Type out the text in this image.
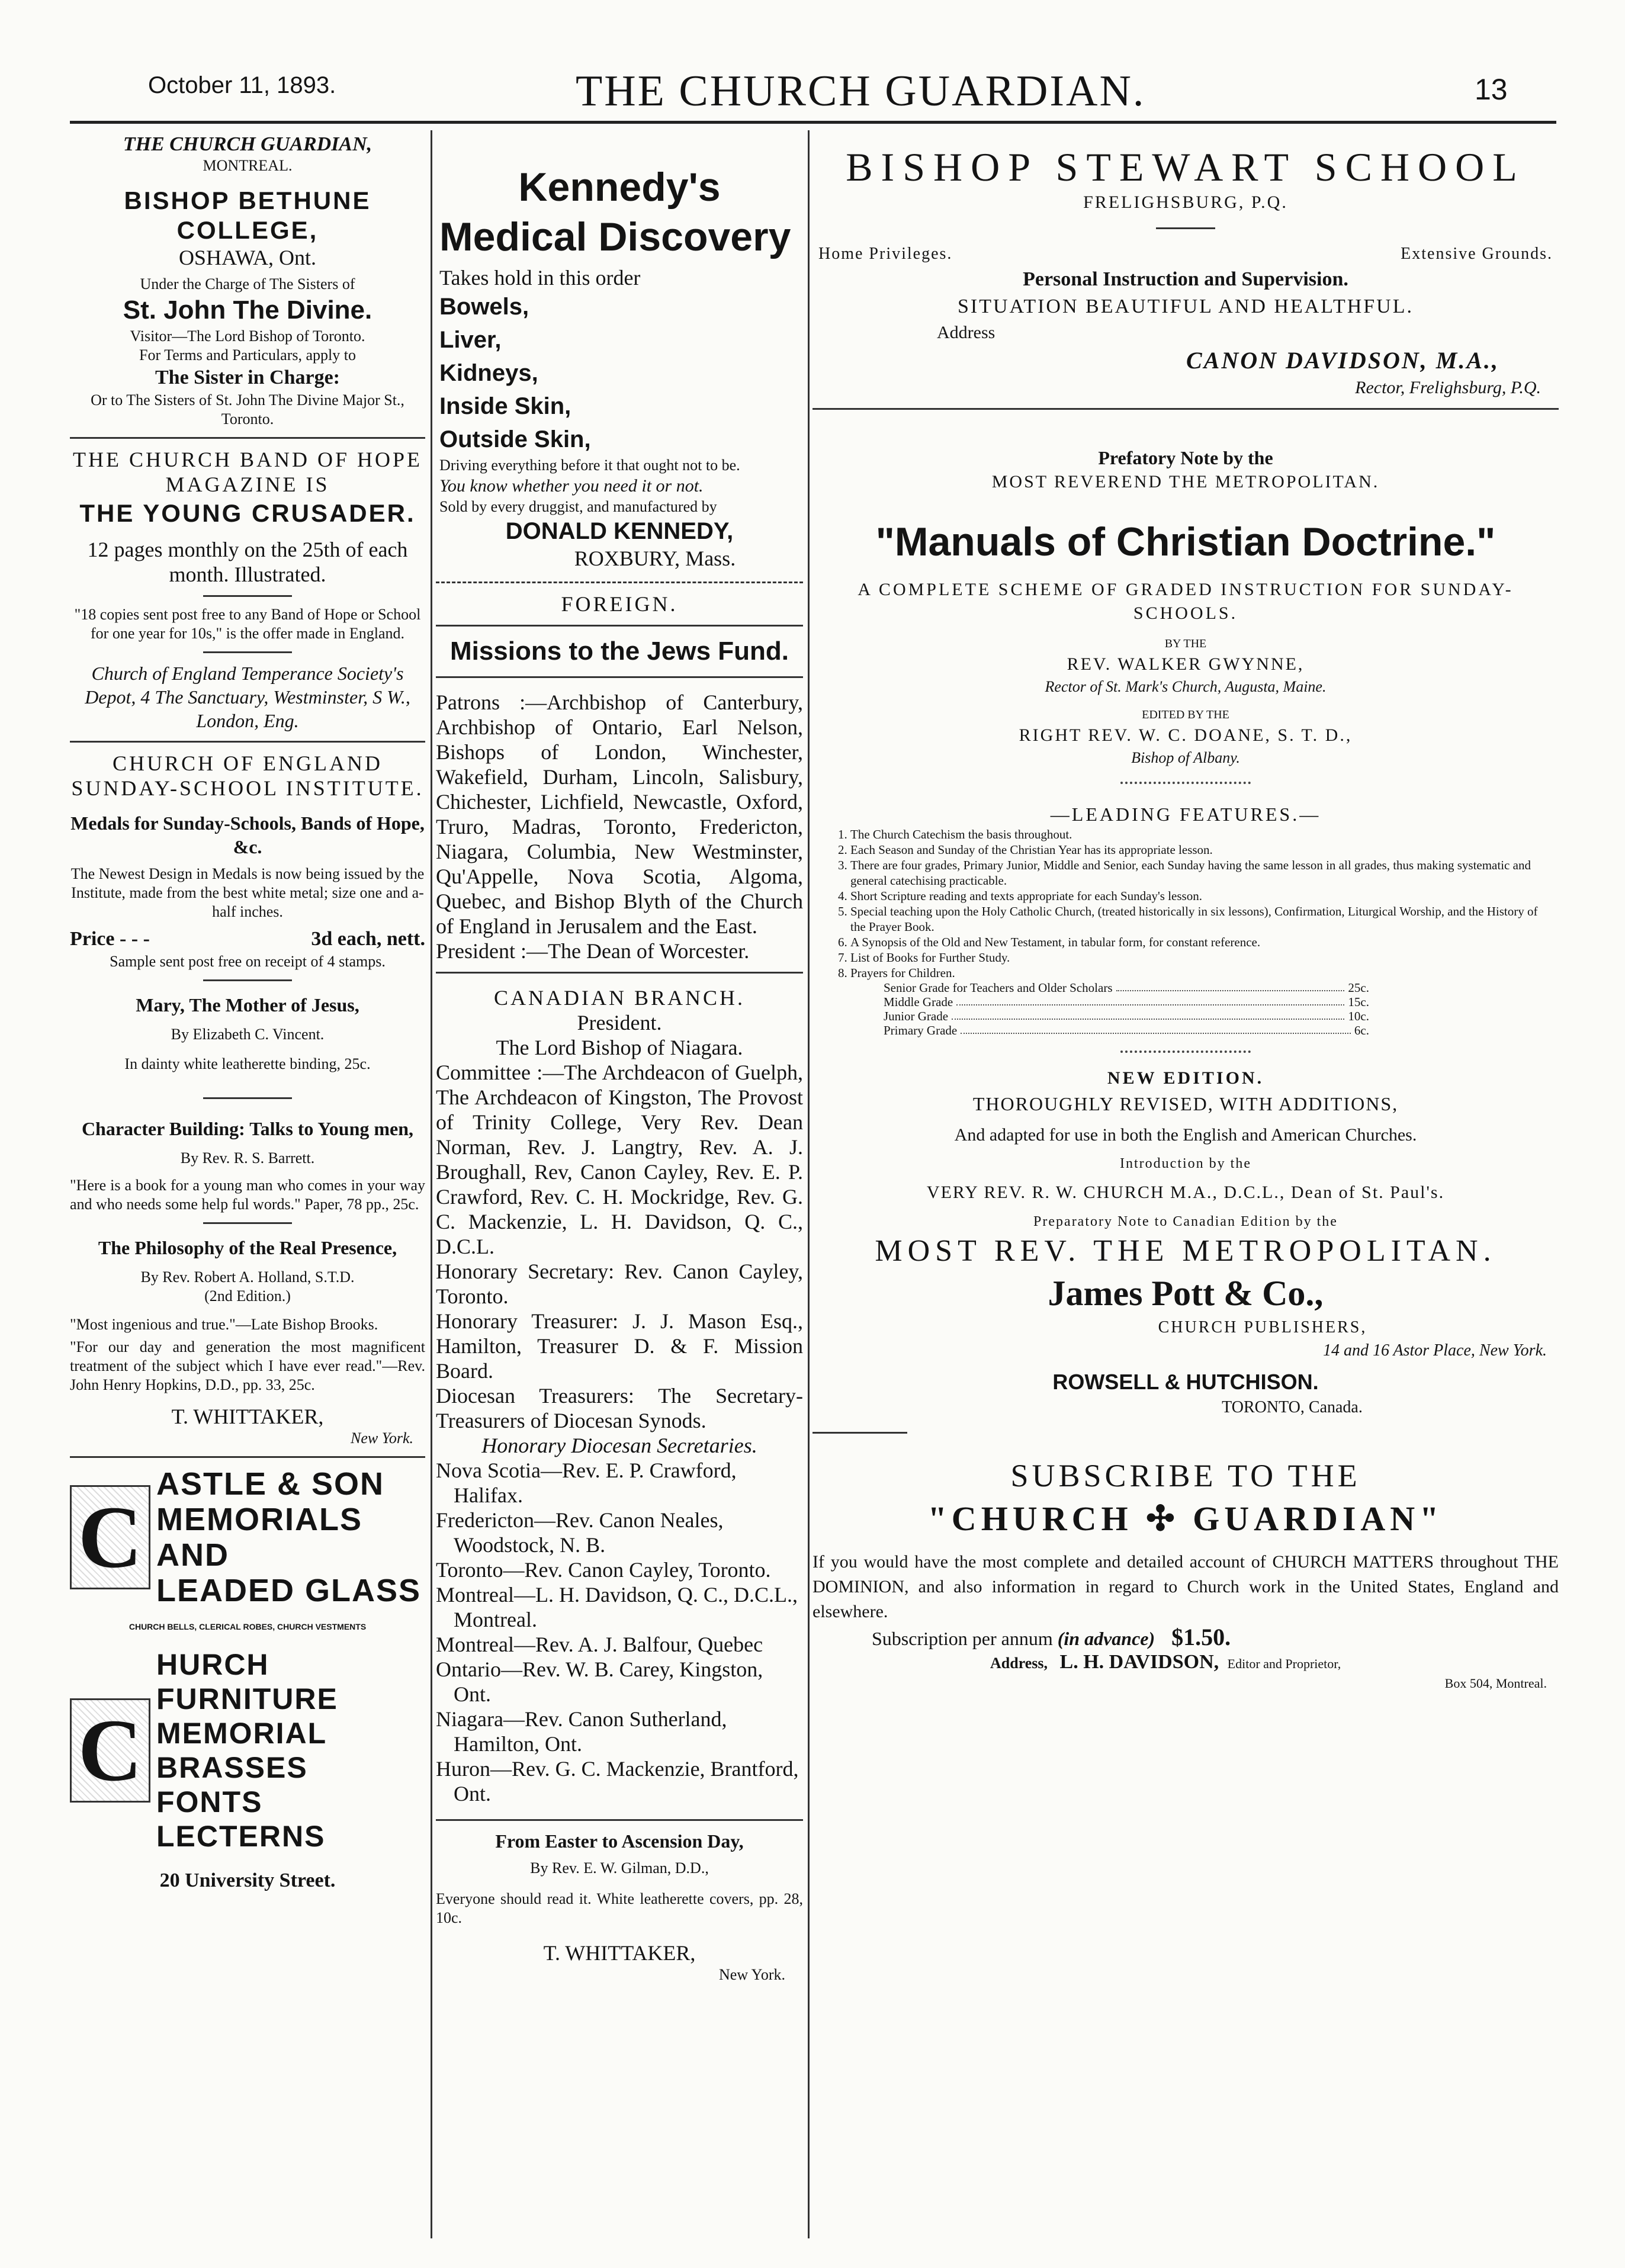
October 11, 1893.	THE CHURCH GUARDIAN.	13
THE CHURCH GUARDIAN,
MONTREAL.
BISHOP BETHUNE COLLEGE,
OSHAWA, Ont.
Under the Charge of The Sisters of
St. John The Divine.
Visitor—The Lord Bishop of Toronto.
For Terms and Particulars, apply to
The Sister in Charge:
Or to The Sisters of St. John The Divine Major St., Toronto.
THE CHURCH BAND OF HOPE
MAGAZINE IS
THE YOUNG CRUSADER.
12 pages monthly on the 25th of each month. Illustrated.
"18 copies sent post free to any Band of Hope or School for one year for 10s," is the offer made in England.
Church of England Temperance Society's Depot, 4 The Sanctuary, Westminster, S W., London, Eng.
CHURCH OF ENGLAND SUNDAY-SCHOOL INSTITUTE.
Medals for Sunday-Schools, Bands of Hope, &c.
The Newest Design in Medals is now being issued by the Institute, made from the best white metal; size one and a-half inches.
Price - - -	3d each, nett.
Sample sent post free on receipt of 4 stamps.
Mary, The Mother of Jesus,
By Elizabeth C. Vincent.
In dainty white leatherette binding, 25c.
Character Building: Talks to Young men,
By Rev. R. S. Barrett.
"Here is a book for a young man who comes in your way and who needs some help ful words." Paper, 78 pp., 25c.
The Philosophy of the Real Presence,
By Rev. Robert A. Holland, S.T.D.
(2nd Edition.)
"Most ingenious and true."—Late Bishop Brooks.
"For our day and generation the most magnificent treatment of the subject which I have ever read."—Rev. John Henry Hopkins, D.D., pp. 33, 25c.
T. WHITTAKER,
New York.
C
ASTLE & SON
MEMORIALS AND
LEADED GLASS
CHURCH BELLS, CLERICAL ROBES, CHURCH VESTMENTS
C
HURCH FURNITURE
MEMORIAL BRASSES
FONTS LECTERNS
20 University Street.
Kennedy's
Medical Discovery
Takes hold in this order
Bowels,
Liver,
Kidneys,
Inside Skin,
Outside Skin,
Driving everything before it that ought not to be.
You know whether you need it or not.
Sold by every druggist, and manufactured by
DONALD KENNEDY,
ROXBURY, Mass.
FOREIGN.
Missions to the Jews Fund.
Patrons :—Archbishop of Canterbury, Archbishop of Ontario, Earl Nelson, Bishops of London, Winchester, Wakefield, Durham, Lincoln, Salisbury, Chichester, Lichfield, Newcastle, Oxford, Truro, Madras, Toronto, Fredericton, Niagara, Columbia, New Westminster, Qu'Appelle, Nova Scotia, Algoma, Quebec, and Bishop Blyth of the Church of England in Jerusalem and the East.
President :—The Dean of Worcester.
CANADIAN BRANCH.
President.
The Lord Bishop of Niagara.
Committee :—The Archdeacon of Guelph, The Archdeacon of Kingston, The Provost of Trinity College, Very Rev. Dean Norman, Rev. J. Langtry, Rev. A. J. Broughall, Rev, Canon Cayley, Rev. E. P. Crawford, Rev. C. H. Mockridge, Rev. G. C. Mackenzie, L. H. Davidson, Q. C., D.C.L.
Honorary Secretary: Rev. Canon Cayley, Toronto.
Honorary Treasurer: J. J. Mason Esq., Hamilton, Treasurer D. & F. Mission Board.
Diocesan Treasurers: The Secretary-Treasurers of Diocesan Synods.
Honorary Diocesan Secretaries.
Nova Scotia—Rev. E. P. Crawford, Halifax.
Fredericton—Rev. Canon Neales, Woodstock, N. B.
Toronto—Rev. Canon Cayley, Toronto.
Montreal—L. H. Davidson, Q. C., D.C.L., Montreal.
Montreal—Rev. A. J. Balfour, Quebec
Ontario—Rev. W. B. Carey, Kingston, Ont.
Niagara—Rev. Canon Sutherland, Hamilton, Ont.
Huron—Rev. G. C. Mackenzie, Brantford, Ont.
From Easter to Ascension Day,
By Rev. E. W. Gilman, D.D.,
Everyone should read it. White leatherette covers, pp. 28, 10c.
T. WHITTAKER,
New York.
BISHOP STEWART SCHOOL
FRELIGHSBURG, P.Q.
Home Privileges.	Extensive Grounds.
Personal Instruction and Supervision.
SITUATION BEAUTIFUL AND HEALTHFUL.
Address
CANON DAVIDSON, M.A.,
Rector, Frelighsburg, P.Q.
Prefatory Note by the
MOST REVEREND THE METROPOLITAN.
"Manuals of Christian Doctrine."
A COMPLETE SCHEME OF GRADED INSTRUCTION FOR SUNDAY-SCHOOLS.
BY THE
REV. WALKER GWYNNE,
Rector of St. Mark's Church, Augusta, Maine.
EDITED BY THE
RIGHT REV. W. C. DOANE, S. T. D.,
Bishop of Albany.
—LEADING FEATURES.—
1. The Church Catechism the basis throughout.
2. Each Season and Sunday of the Christian Year has its appropriate lesson.
3. There are four grades, Primary Junior, Middle and Senior, each Sunday having the same lesson in all grades, thus making systematic and general catechising practicable.
4. Short Scripture reading and texts appropriate for each Sunday's lesson.
5. Special teaching upon the Holy Catholic Church, (treated historically in six lessons), Confirmation, Liturgical Worship, and the History of the Prayer Book.
6. A Synopsis of the Old and New Testament, in tabular form, for constant reference.
7. List of Books for Further Study.
8. Prayers for Children.
Senior Grade for Teachers and Older Scholars	25c.
Middle Grade	15c.
Junior Grade	10c.
Primary Grade	6c.
NEW EDITION.
THOROUGHLY REVISED, WITH ADDITIONS,
And adapted for use in both the English and American Churches.
Introduction by the
VERY REV. R. W. CHURCH M.A., D.C.L., Dean of St. Paul's.
Preparatory Note to Canadian Edition by the
MOST REV. THE METROPOLITAN.
James Pott & Co.,
CHURCH PUBLISHERS,
14 and 16 Astor Place, New York.
ROWSELL & HUTCHISON.
TORONTO, Canada.
SUBSCRIBE TO THE
"CHURCH ✣ GUARDIAN"
If you would have the most complete and detailed account of CHURCH MATTERS throughout THE DOMINION, and also information in regard to Church work in the United States, England and elsewhere.
Subscription per annum (in advance) $1.50.
Address, L. H. DAVIDSON, Editor and Proprietor,
Box 504, Montreal.
